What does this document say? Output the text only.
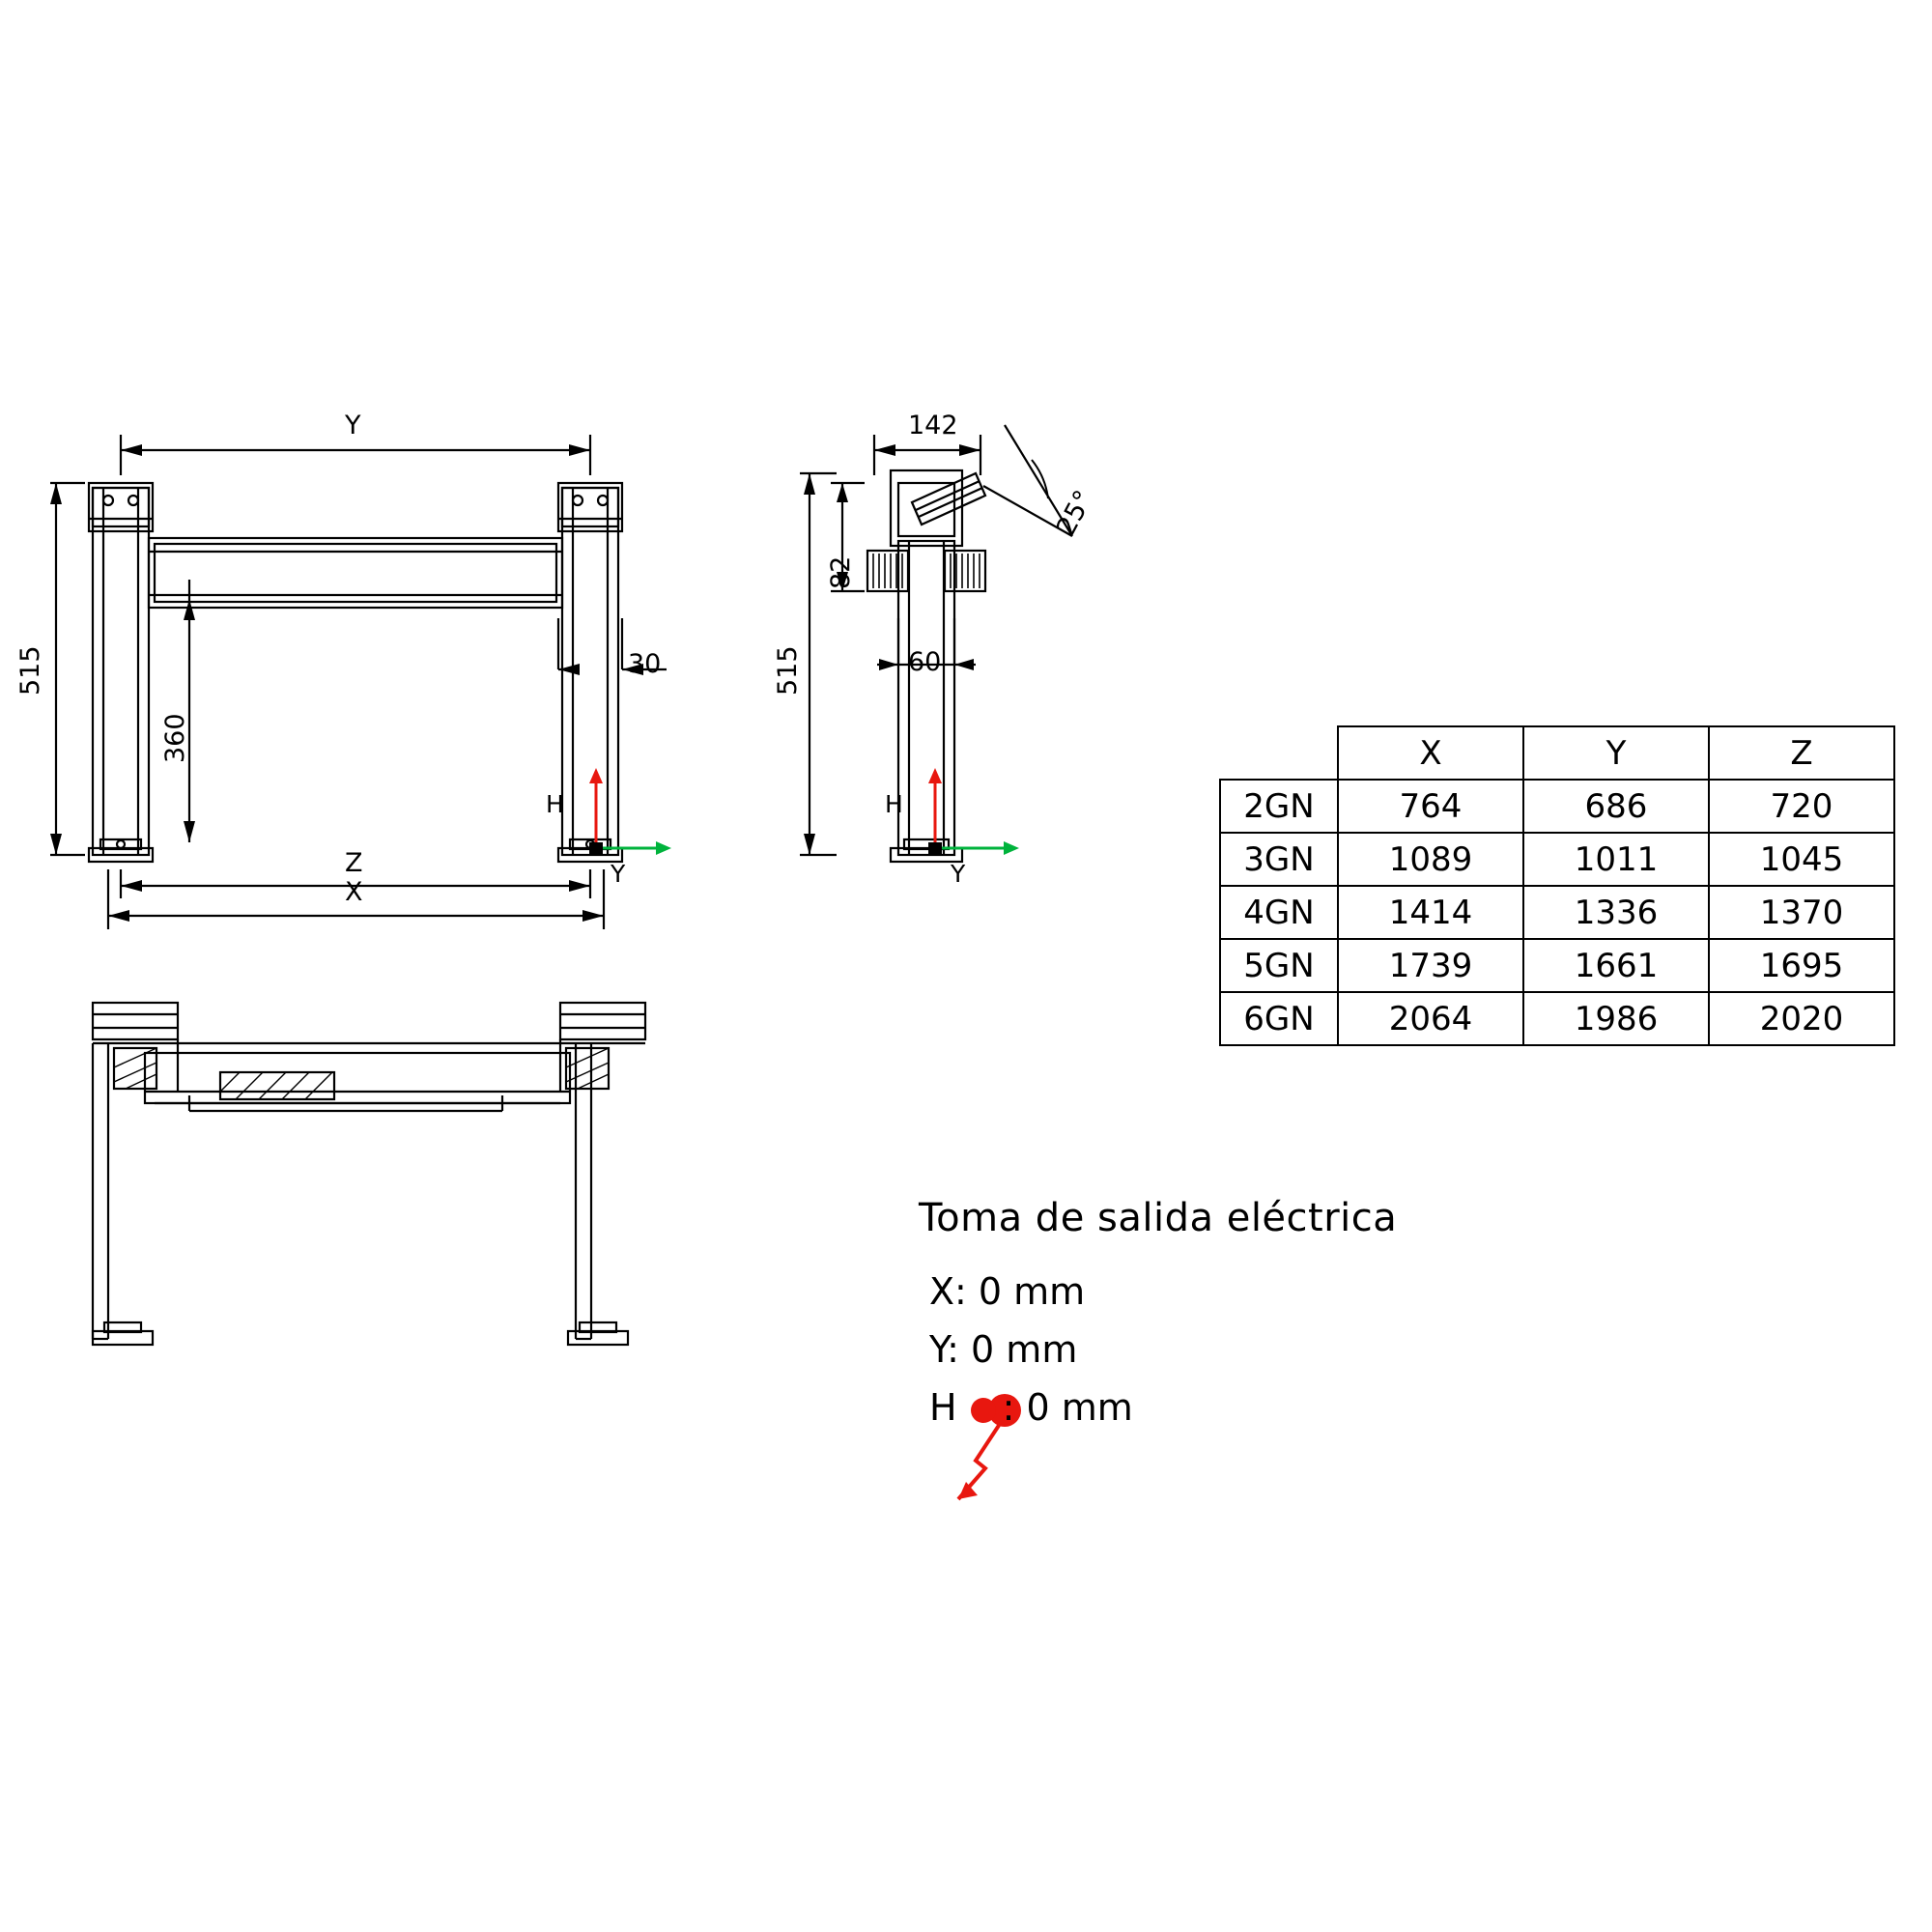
Y
515
360
30
Z
X
H
Y
142
82
515	60
25°
H
Y
	X	Y	Z
2GN	764	686	720
3GN	1089	1011	1045
4GN	1414	1336	1370
5GN	1739	1661	1695
6GN	2064	1986	2020
Toma de salida eléctrica
X: 0 mm
Y: 0 mm
H : 0 mm
